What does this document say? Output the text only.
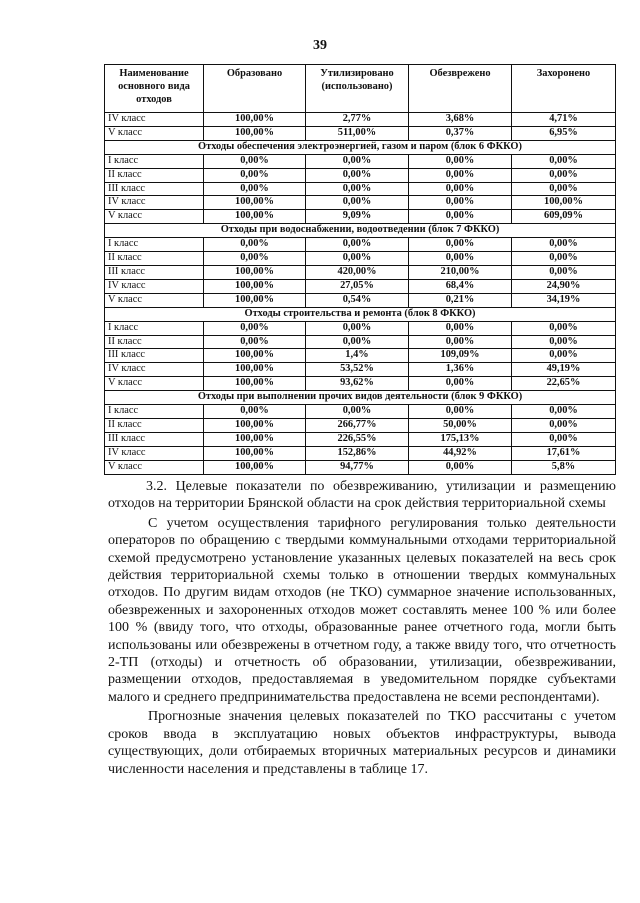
39
Наименование основного вида отходов	Образовано	Утилизировано (использовано)	Обезврежено	Захоронено
IV класс	100,00%	2,77%	3,68%	4,71%
V класс	100,00%	511,00%	0,37%	6,95%
Отходы обеспечения электроэнергией, газом и паром (блок 6 ФККО)				
I класс	0,00%	0,00%	0,00%	0,00%
II класс	0,00%	0,00%	0,00%	0,00%
III класс	0,00%	0,00%	0,00%	0,00%
IV класс	100,00%	0,00%	0,00%	100,00%
V класс	100,00%	9,09%	0,00%	609,09%
Отходы при водоснабжении, водоотведении (блок 7 ФККО)				
I класс	0,00%	0,00%	0,00%	0,00%
II класс	0,00%	0,00%	0,00%	0,00%
III класс	100,00%	420,00%	210,00%	0,00%
IV класс	100,00%	27,05%	68,4%	24,90%
V класс	100,00%	0,54%	0,21%	34,19%
Отходы строительства и ремонта (блок 8 ФККО)				
I класс	0,00%	0,00%	0,00%	0,00%
II класс	0,00%	0,00%	0,00%	0,00%
III класс	100,00%	1,4%	109,09%	0,00%
IV класс	100,00%	53,52%	1,36%	49,19%
V класс	100,00%	93,62%	0,00%	22,65%
Отходы при выполнении прочих видов деятельности (блок 9 ФККО)				
I класс	0,00%	0,00%	0,00%	0,00%
II класс	100,00%	266,77%	50,00%	0,00%
III класс	100,00%	226,55%	175,13%	0,00%
IV класс	100,00%	152,86%	44,92%	17,61%
V класс	100,00%	94,77%	0,00%	5,8%

3.2. Целевые показатели по обезвреживанию, утилизации и размещению отходов на территории Брянской области на срок действия территориальной схемы

С учетом осуществления тарифного регулирования только деятельности операторов по обращению с твердыми коммунальными отходами территориальной схемой предусмотрено установление указанных целевых показателей на весь срок действия территориальной схемы только в отношении твердых коммунальных отходов. По другим видам отходов (не ТКО) суммарное значение использованных, обезвреженных и захороненных отходов может составлять менее 100 % или более 100 % (ввиду того, что отходы, образованные ранее отчетного года, могли быть использованы или обезврежены в отчетном году, а также ввиду того, что отчетность 2-ТП (отходы) и отчетность об образовании, утилизации, обезвреживании, размещении отходов, предоставляемая в уведомительном порядке субъектами малого и среднего предпринимательства предоставлена не всеми респондентами).

Прогнозные значения целевых показателей по ТКО рассчитаны с учетом сроков ввода в эксплуатацию новых объектов инфраструктуры, вывода существующих, доли отбираемых вторичных материальных ресурсов и динамики численности населения и представлены в таблице 17.
